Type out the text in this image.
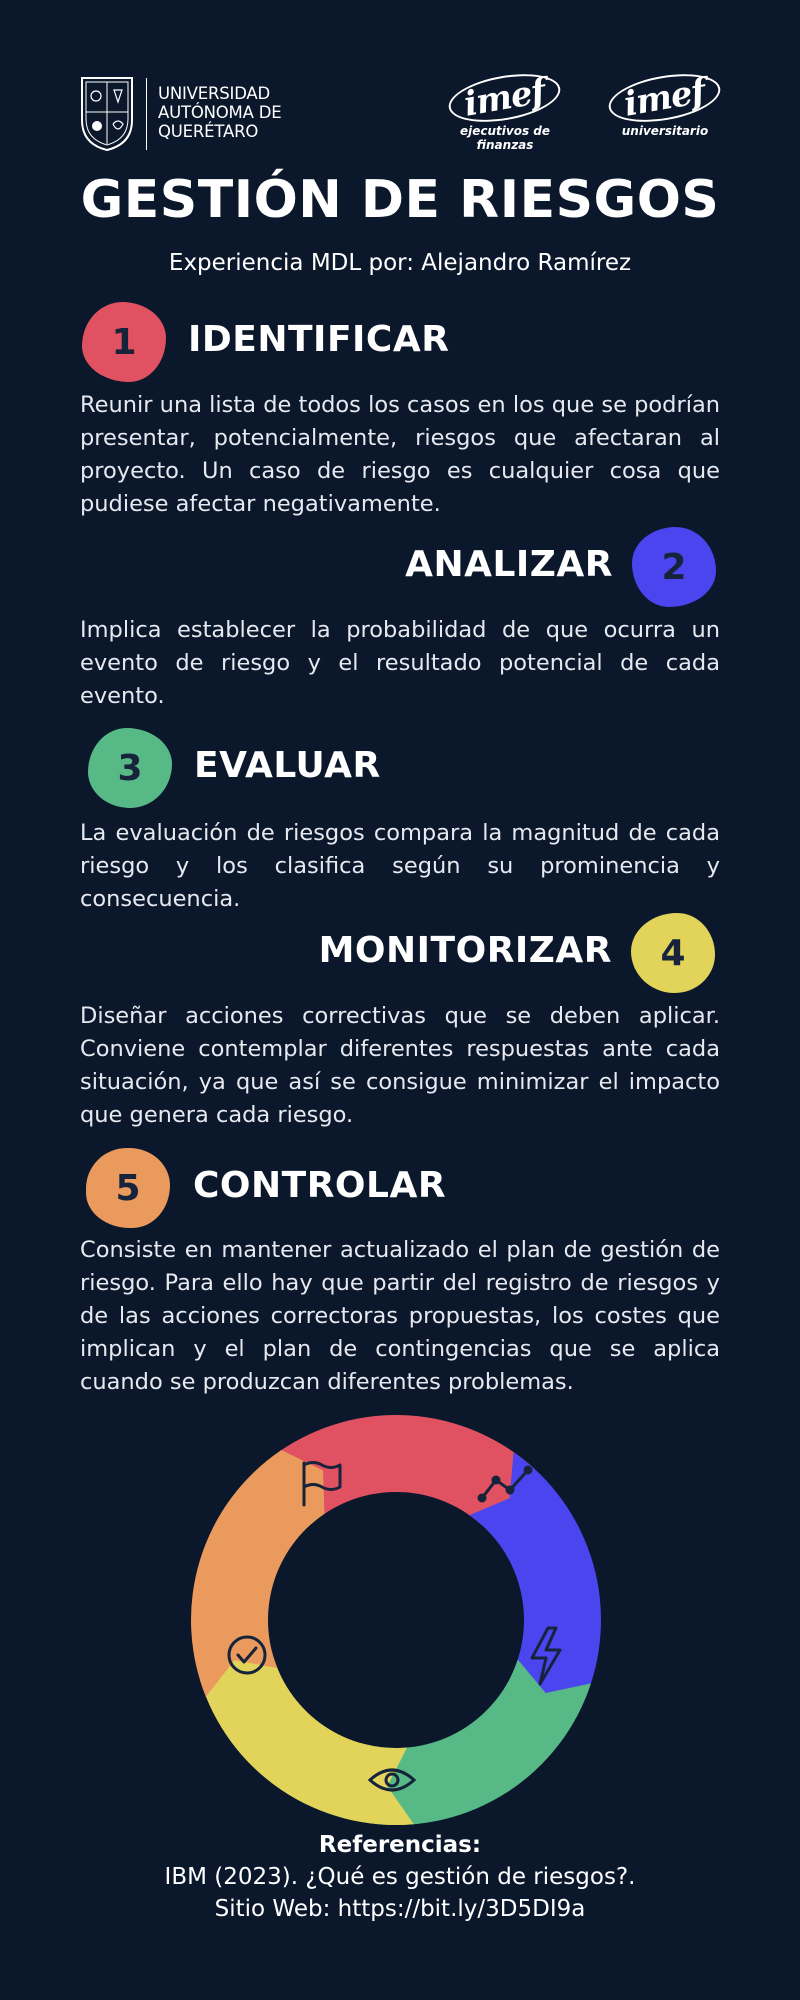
UNIVERSIDAD
AUTÓNOMA DE
QUERÉTARO
imef
ejecutivos de finanzas
imef
universitario
GESTIÓN DE RIESGOS
Experiencia MDL por: Alejandro Ramírez
1	IDENTIFICAR
Reunir una lista de todos los casos en los que se podrían presentar, potencialmente, riesgos que afectaran al proyecto. Un caso de riesgo es cualquier cosa que pudiese afectar negativamente.
ANALIZAR	2
Implica establecer la probabilidad de que ocurra un evento de riesgo y el resultado potencial de cada evento.
3	EVALUAR
La evaluación de riesgos compara la magnitud de cada riesgo y los clasifica según su prominencia y consecuencia.
MONITORIZAR	4
Diseñar acciones correctivas que se deben aplicar. Conviene contemplar diferentes respuestas ante cada situación, ya que así se consigue minimizar el impacto que genera cada riesgo.
5	CONTROLAR
Consiste en mantener actualizado el plan de gestión de riesgo. Para ello hay que partir del registro de riesgos y de las acciones correctoras propuestas, los costes que implican y el plan de contingencias que se aplica cuando se produzcan diferentes problemas.
Referencias:
IBM (2023). ¿Qué es gestión de riesgos?.
Sitio Web: https://bit.ly/3D5DI9a
